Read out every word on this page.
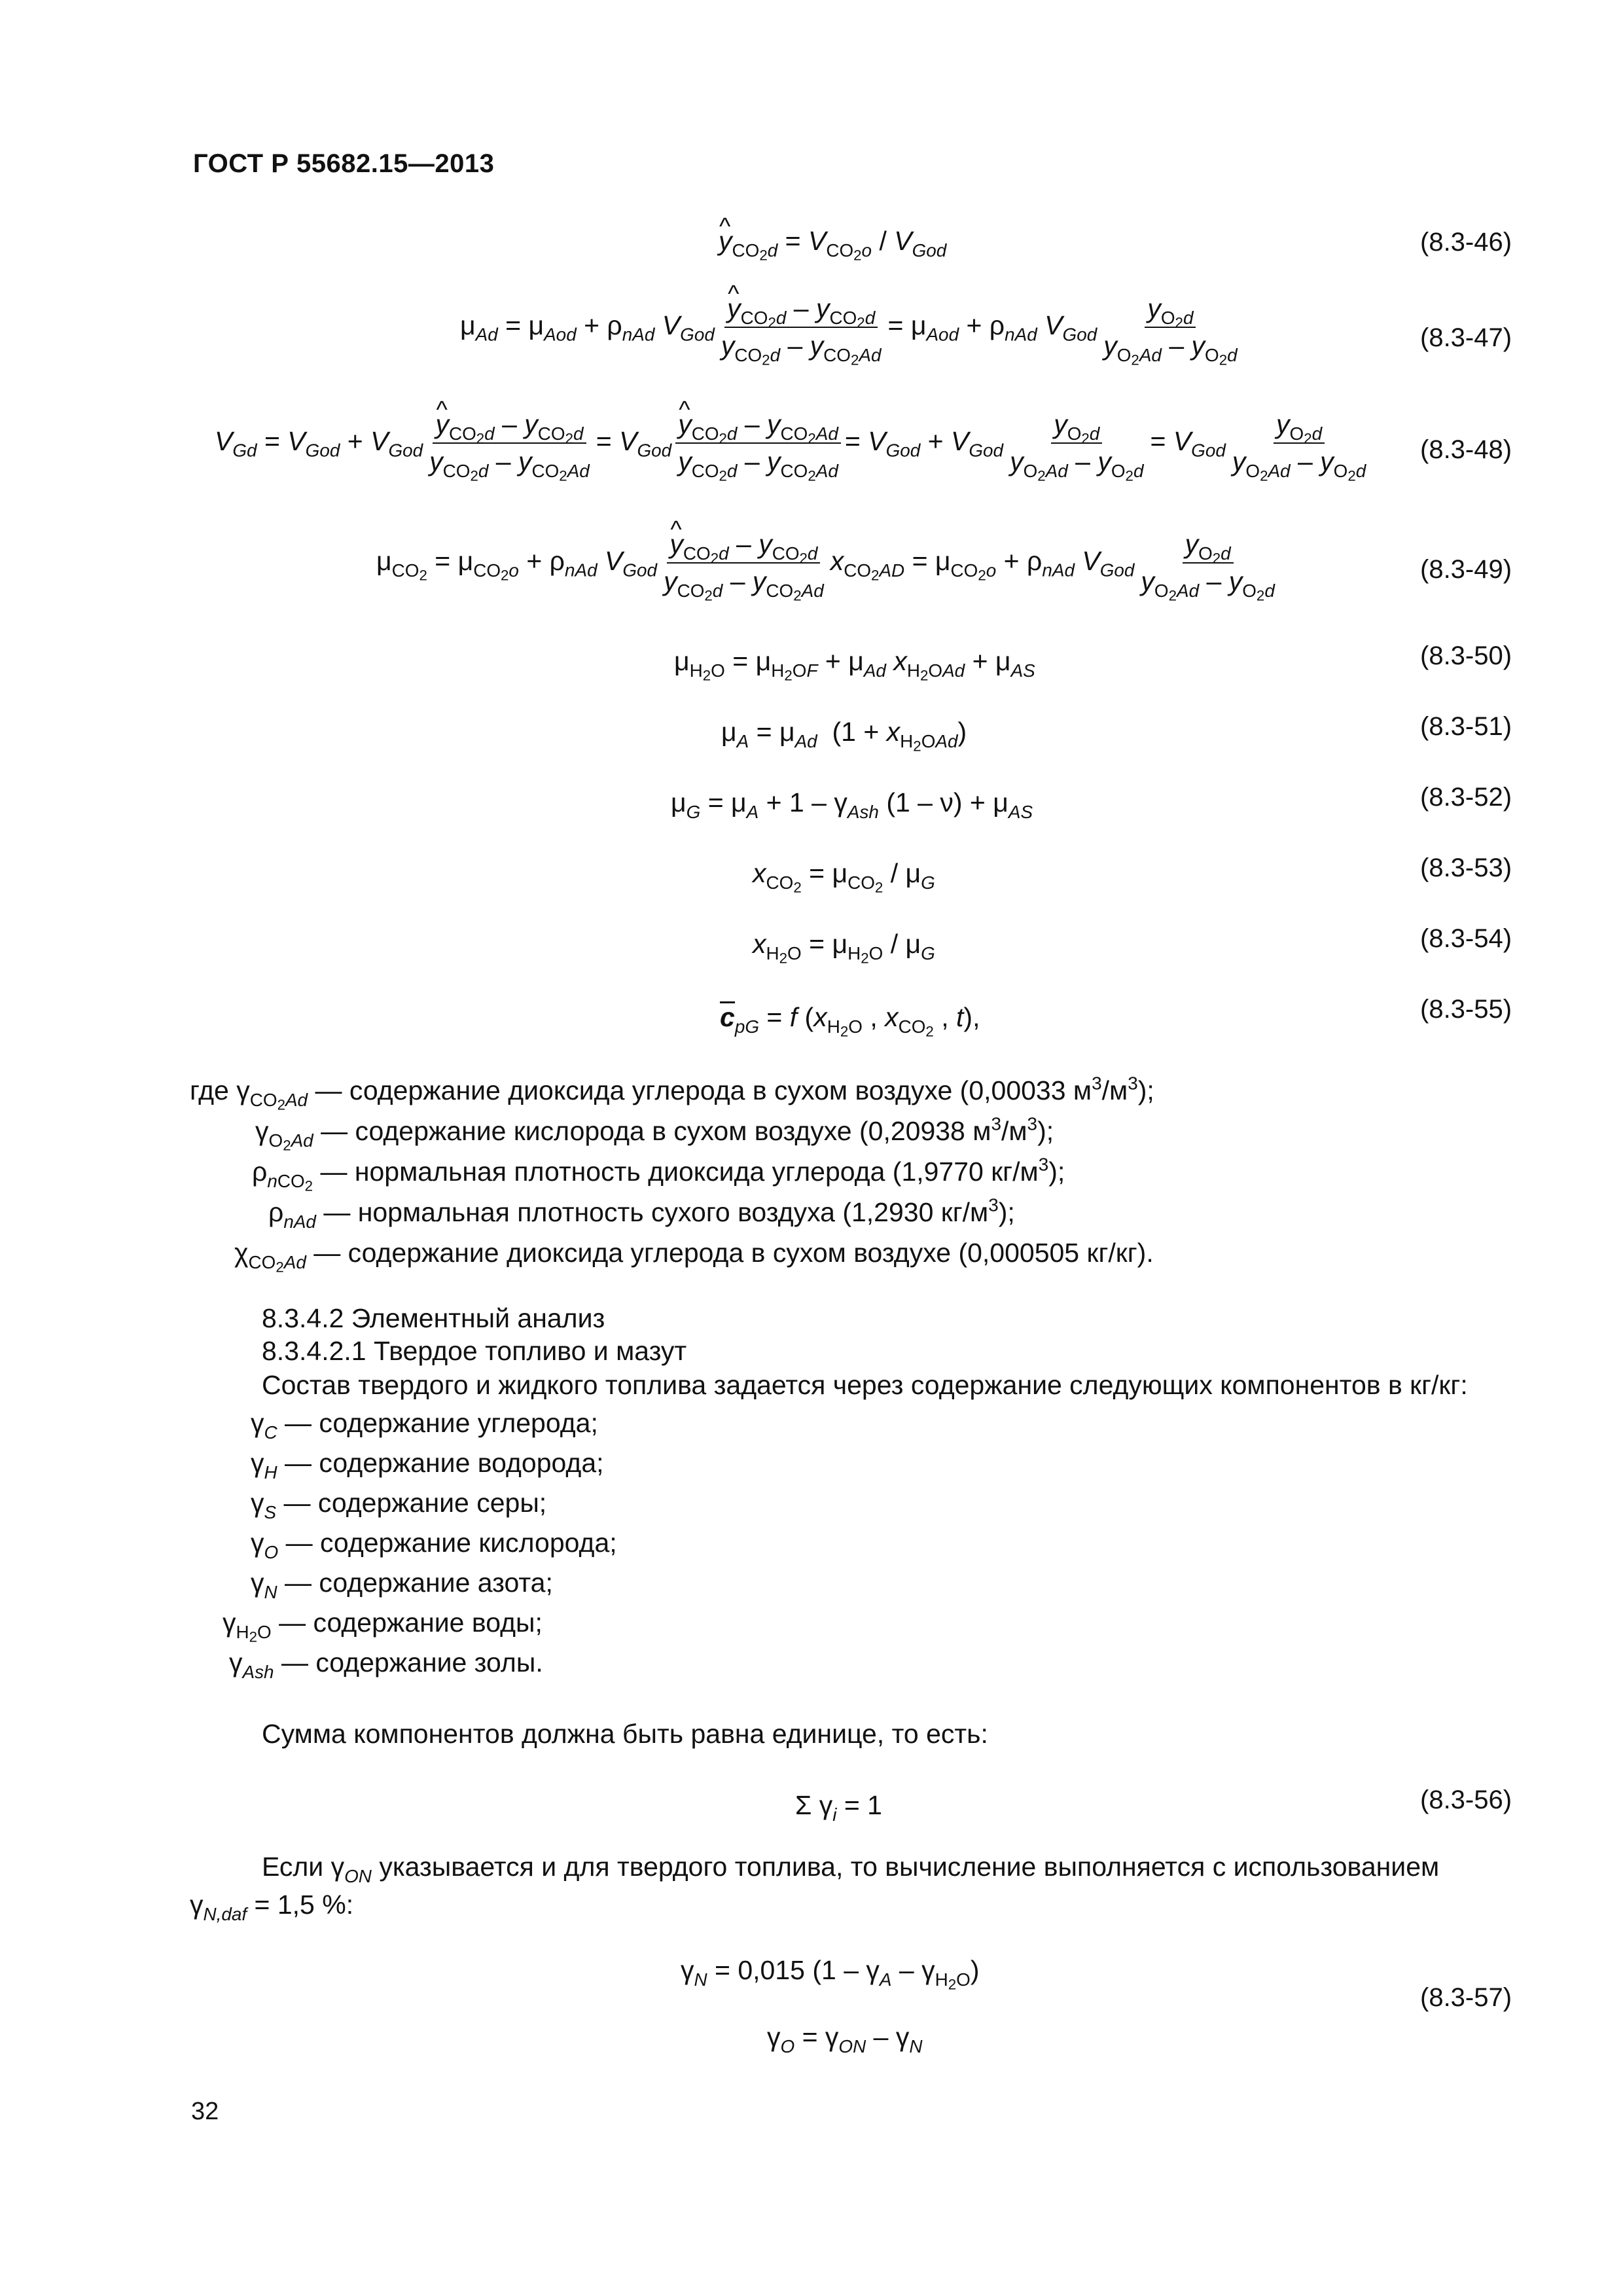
ГОСТ Р 55682.15—2013
^ $y_{CO_2d} = V_{CO_2o} / V_{God}$	(8.3-46)
$\mu_{Ad} = \mu_{Aod} + \rho_{nAd}$ $V_{God}$ ^ $\frac{y_{CO_2d} - y_{CO_2d}}{y_{CO_2d} - y_{CO_2Ad}} = \mu_{Aod} + \rho_{nAd}$ $V_{God} \frac{y_{O_2d}}{y_{O_2Ad} - y_{O_2d}}$	(8.3-47)
$V_{Gd} = V_{God} + V_{God}$ ^ $\frac{y_{CO_2d} - y_{CO_2d}}{y_{CO_2d} - y_{CO_2Ad}} = V_{God}$ ^ $\frac{y_{CO_2d} - y_{CO_2Ad}}{y_{CO_2d} - y_{CO_2Ad}} = V_{God} + V_{God} \frac{y_{O_2d}}{y_{O_2Ad} - y_{O_2d}} = V_{God} \frac{y_{O_2d}}{y_{O_2Ad} - y_{O_2d}} (8.3-48)$
$\mu_{CO_2} = \mu_{CO_2o} + \rho_{nAd}$ $V_{God}$ ^ $\frac{y_{CO_2d} - y_{CO_2d}}{y_{CO_2d} - y_{CO_2Ad}} x_{CO_2AD} = \mu_{CO_2o} + \rho_{nAd}$ $V_{God} \frac{y_{O_2d}}{y_{O_2Ad} - y_{O_2d}}$	(8.3-49)
$\mu_{H_2O} = \mu_{H_2OF} + \mu_{Ad}$ $x_{H_2OAd} + \mu_{AS}$
(8.3-50)
$\mu_A = \mu_{Ad}$  $(1 + x_{H_2OAd})$	(8.3-51)
$\mu_G = \mu_A + 1 - \gamma_{Ash}$ $(1 - \nu) + \mu_{AS}$
(8.3-52)
$x_{CO_2} = \mu_{CO_2} / \mu_G$
(8.3-53)
$x_{H_2O} = \mu_{H_2O} / \mu_G$
(8.3-54)
$c_{pG} = f$ ($x_{H_2O}$ , $x_{CO_2}$ , t),	(8.3-55)
где $\gamma_{CO_2Ad}$ — содержание диоксида углерода в сухом воздухе (0,00033 $м^3/м^3$);
$\gamma_{O_2Ad}$ — содержание кислорода в сухом воздухе (0,20938 $м^3/м^3$);
$\rho_{nCO_2}$ — нормальная плотность диоксида углерода (1,9770 $кг/м^3$);
$\rho_{nAd}$ — нормальная плотность сухого воздуха (1,2930 $кг/м^3$);
$\chi_{CO_2Ad}$ — содержание диоксида углерода в сухом воздухе (0,000505 кг/кг).
8.3.4.2 Элементный анализ
8.3.4.2.1 Твердое топливо и мазут
Состав твердого и жидкого топлива задается через содержание следующих компонентов в кг/кг:
$\gamma_C$ — содержание углерода;
$\gamma_H$ — содержание водорода;
$\gamma_S$ — содержание серы;
$\gamma_O$ — содержание кислорода;
$\gamma_N$ — содержание азота;
$\gamma_{H_2O}$ — содержание воды;
$\gamma_{Ash}$ — содержание золы.
Сумма компонентов должна быть равна единице, то есть:
Σ $\gamma_i = 1$	(8.3-56)
Если $\gamma_{ON}$ указывается и для твердого топлива, то вычисление выполняется с использованием
$\gamma_{N,daf} = 1,5$ %:
$\gamma_N = 0,015$ $(1 - \gamma_A - \gamma_{H_2O})$
$\gamma_O = \gamma_{ON} - \gamma_N$
(8.3-57)
32
